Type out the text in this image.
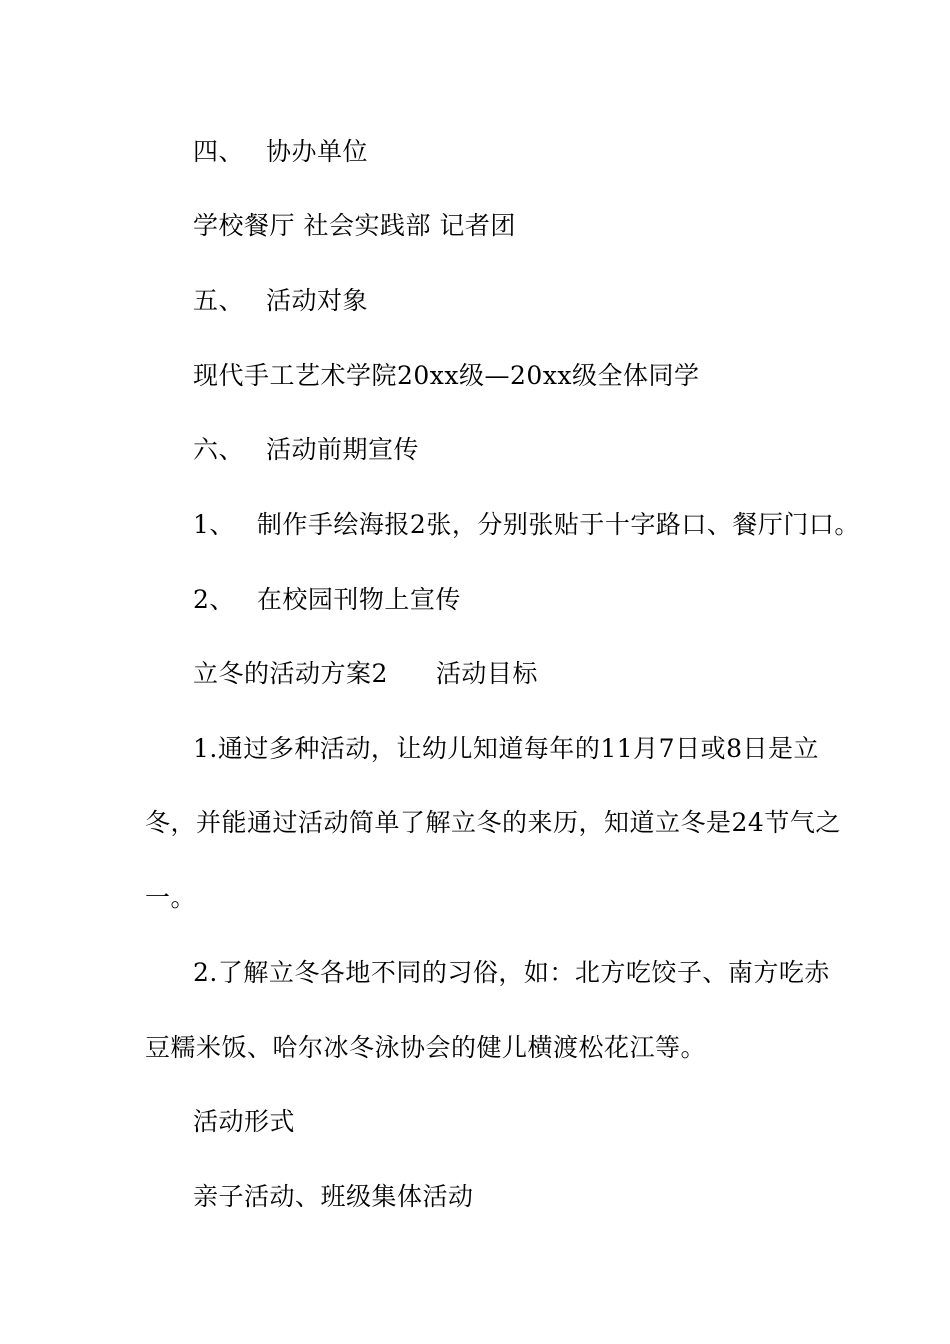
四、 协办单位
学校餐厅 社会实践部 记者团
五、 活动对象
现代手工艺术学院20xx级—20xx级全体同学
六、 活动前期宣传
1、 制作手绘海报2张，分别张贴于十字路口、餐厅门口。
2、 在校园刊物上宣传
立冬的活动方案2 活动目标
1.通过多种活动，让幼儿知道每年的11月7日或8日是立
冬，并能通过活动简单了解立冬的来历，知道立冬是24节气之
一。
2.了解立冬各地不同的习俗，如：北方吃饺子、南方吃赤
豆糯米饭、哈尔冰冬泳协会的健儿横渡松花江等。
活动形式
亲子活动、班级集体活动
